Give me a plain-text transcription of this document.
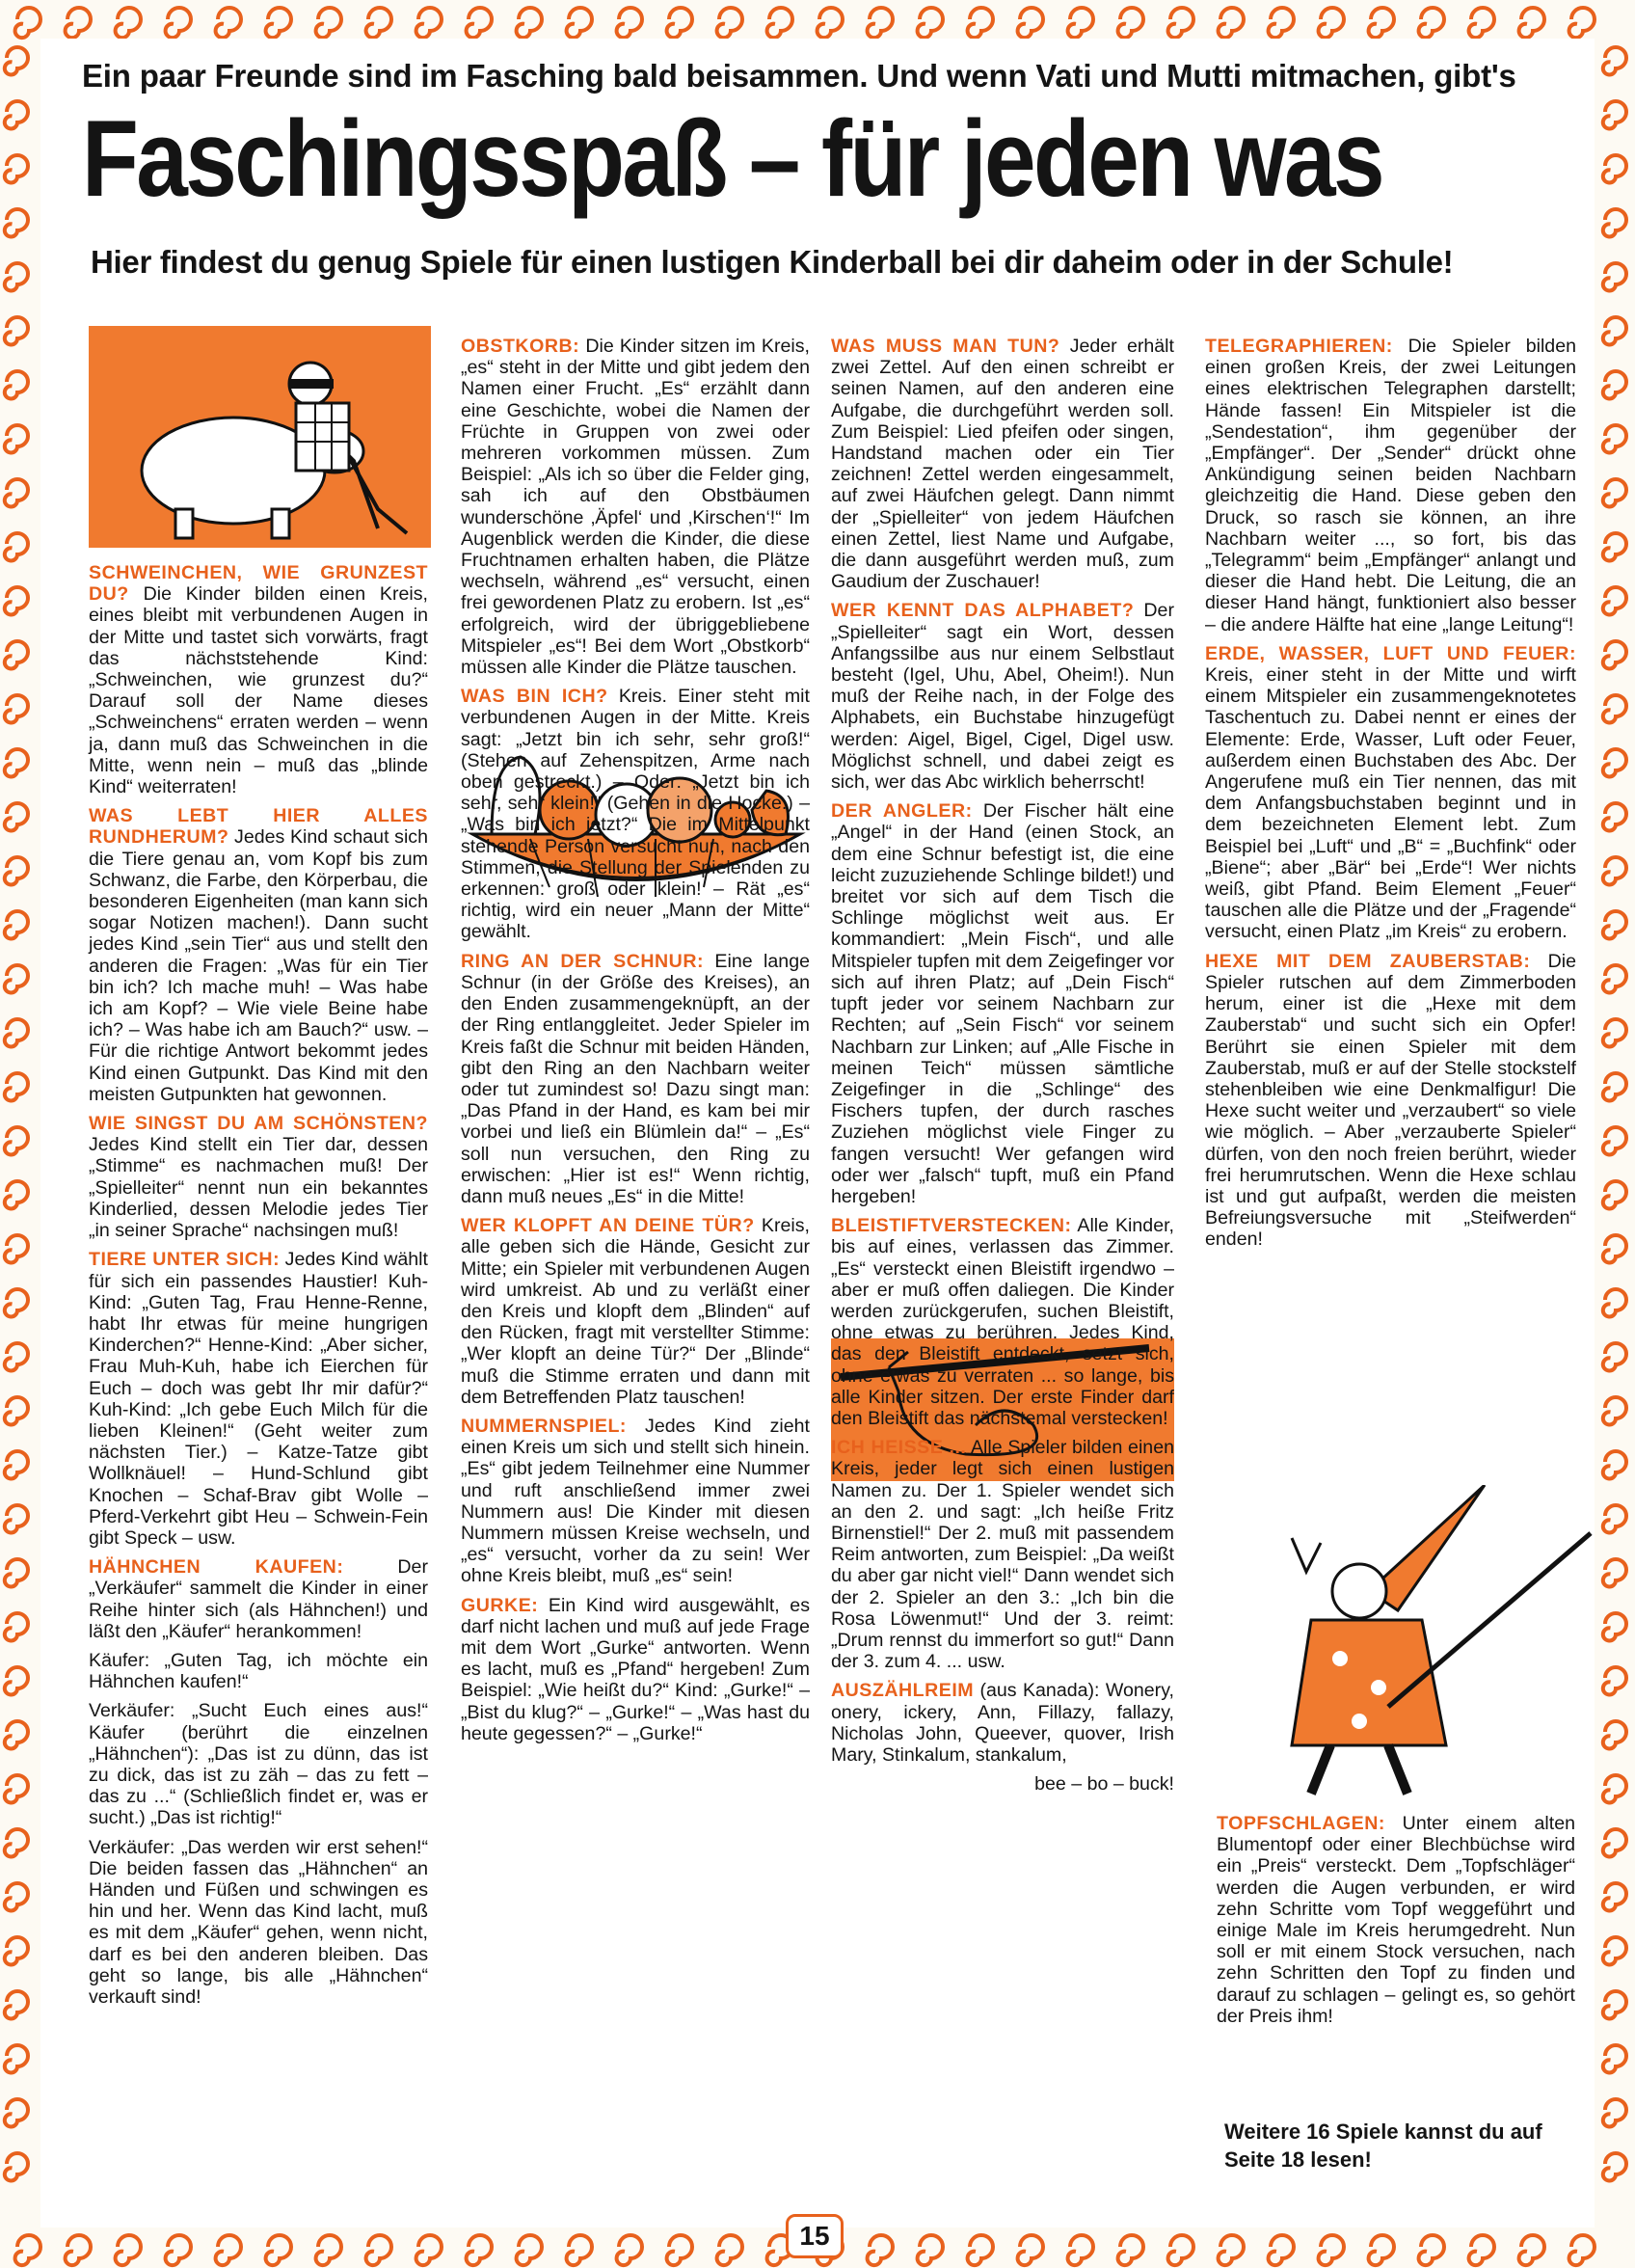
Ein paar Freunde sind im Fasching bald beisammen. Und wenn Vati und Mutti mitmachen, gibt's
Faschingsspaß – für jeden was
Hier findest du genug Spiele für einen lustigen Kinderball bei dir daheim oder in der Schule!

SCHWEINCHEN, WIE GRUNZEST DU? Die Kinder bilden einen Kreis, eines bleibt mit verbundenen Augen in der Mitte und tastet sich vorwärts, fragt das nächststehende Kind: „Schweinchen, wie grunzest du?“ Darauf soll der Name dieses „Schweinchens“ erraten werden – wenn ja, dann muß das Schweinchen in die Mitte, wenn nein – muß das „blinde Kind“ weiterraten!

WAS LEBT HIER ALLES RUNDHERUM? Jedes Kind schaut sich die Tiere genau an, vom Kopf bis zum Schwanz, die Farbe, den Körperbau, die besonderen Eigenheiten (man kann sich sogar Notizen machen!). Dann sucht jedes Kind „sein Tier“ aus und stellt den anderen die Fragen: „Was für ein Tier bin ich? Ich mache muh! – Was habe ich am Kopf? – Wie viele Beine habe ich? – Was habe ich am Bauch?“ usw. – Für die richtige Antwort bekommt jedes Kind einen Gutpunkt. Das Kind mit den meisten Gutpunkten hat gewonnen.

WIE SINGST DU AM SCHÖNSTEN? Jedes Kind stellt ein Tier dar, dessen „Stimme“ es nachmachen muß! Der „Spielleiter“ nennt nun ein bekanntes Kinderlied, dessen Melodie jedes Tier „in seiner Sprache“ nachsingen muß!

TIERE UNTER SICH: Jedes Kind wählt für sich ein passendes Haustier! Kuh-Kind: „Guten Tag, Frau Henne-Renne, habt Ihr etwas für meine hungrigen Kinderchen?“ Henne-Kind: „Aber sicher, Frau Muh-Kuh, habe ich Eierchen für Euch – doch was gebt Ihr mir dafür?“ Kuh-Kind: „Ich gebe Euch Milch für die lieben Kleinen!“ (Geht weiter zum nächsten Tier.) – Katze-Tatze gibt Wollknäuel! – Hund-Schlund gibt Knochen – Schaf-Brav gibt Wolle – Pferd-Verkehrt gibt Heu – Schwein-Fein gibt Speck – usw.

HÄHNCHEN KAUFEN:	Der „Verkäufer“ sammelt die Kinder in einer Reihe hinter sich (als Hähnchen!) und läßt den „Käufer“ herankommen!

Käufer: „Guten Tag, ich möchte ein Hähnchen kaufen!“

Verkäufer: „Sucht Euch eines aus!“ Käufer (berührt die einzelnen „Hähnchen“): „Das ist zu dünn, das ist zu dick, das ist zu zäh – das zu fett – das zu ...“ (Schließlich findet er, was er sucht.) „Das ist richtig!“

Verkäufer: „Das werden wir erst sehen!“ Die beiden fassen das „Hähnchen“ an Händen und Füßen und schwingen es hin und her. Wenn das Kind lacht, muß es mit dem „Käufer“ gehen, wenn nicht, darf es bei den anderen bleiben. Das geht so lange, bis alle „Hähnchen“ verkauft sind!

OBSTKORB: Die Kinder sitzen im Kreis, „es“ steht in der Mitte und gibt jedem den Namen einer Frucht. „Es“ erzählt dann eine Geschichte, wobei die Namen der Früchte in Gruppen von zwei oder mehreren vorkommen müssen. Zum Beispiel: „Als ich so über die Felder ging, sah ich auf den Obstbäumen wunderschöne ‚Äpfel‘ und ‚Kirschen‘!“ Im Augenblick werden die Kinder, die diese Fruchtnamen erhalten haben, die Plätze wechseln, während „es“ versucht, einen frei gewordenen Platz zu erobern. Ist „es“ erfolgreich, wird der übriggebliebene Mitspieler „es“! Bei dem Wort „Obstkorb“ müssen alle Kinder die Plätze tauschen.

WAS BIN ICH? Kreis. Einer steht mit verbundenen Augen in der Mitte. Kreis sagt: „Jetzt bin ich sehr, sehr groß!“ (Stehen auf Zehenspitzen, Arme nach oben gestreckt.) – Oder: „Jetzt bin ich sehr, sehr klein!“ (Gehen in die Hocke.) – „Was bin ich jetzt?“ Die im Mittelpunkt stehende Person versucht nun, nach den Stimmen, die Stellung der Spielenden zu erkennen: groß oder klein! – Rät „es“ richtig, wird ein neuer „Mann der Mitte“ gewählt.

RING AN DER SCHNUR: Eine lange Schnur (in der Größe des Kreises), an den Enden zusammengeknüpft, an der der Ring entlanggleitet. Jeder Spieler im Kreis faßt die Schnur mit beiden Händen, gibt den Ring an den Nachbarn weiter oder tut zumindest so! Dazu singt man: „Das Pfand in der Hand, es kam bei mir vorbei und ließ ein Blümlein da!“ – „Es“ soll nun versuchen, den Ring zu erwischen: „Hier ist es!“ Wenn richtig, dann muß neues „Es“ in die Mitte!

WER KLOPFT AN DEINE TÜR? Kreis, alle geben sich die Hände, Gesicht zur Mitte; ein Spieler mit verbundenen Augen wird umkreist. Ab und zu verläßt einer den Kreis und klopft dem „Blinden“ auf den Rücken, fragt mit verstellter Stimme: „Wer klopft an deine Tür?“ Der „Blinde“ muß die Stimme erraten und dann mit dem Betreffenden Platz tauschen!

NUMMERNSPIEL: Jedes Kind zieht einen Kreis um sich und stellt sich hinein. „Es“ gibt jedem Teilnehmer eine Nummer und ruft anschließend immer zwei Nummern aus! Die Kinder mit diesen Nummern müssen Kreise wechseln, und „es“ versucht, vorher da zu sein! Wer ohne Kreis bleibt, muß „es“ sein!

GURKE: Ein Kind wird ausgewählt, es darf nicht lachen und muß auf jede Frage mit dem Wort „Gurke“ antworten. Wenn es lacht, muß es „Pfand“ hergeben! Zum Beispiel: „Wie heißt du?“ Kind: „Gurke!“ – „Bist du klug?“ – „Gurke!“ – „Was hast du heute gegessen?“ – „Gurke!“

WAS MUSS MAN TUN? Jeder erhält zwei Zettel. Auf den einen schreibt er seinen Namen, auf den anderen eine Aufgabe, die durchgeführt werden soll. Zum Beispiel: Lied pfeifen oder singen, Handstand machen oder ein Tier zeichnen! Zettel werden eingesammelt, auf zwei Häufchen gelegt. Dann nimmt der „Spielleiter“ von jedem Häufchen einen Zettel, liest Name und Aufgabe, die dann ausgeführt werden muß, zum Gaudium der Zuschauer!

WER KENNT DAS ALPHABET? Der „Spielleiter“ sagt ein Wort, dessen Anfangssilbe aus nur einem Selbstlaut besteht (Igel, Uhu, Abel, Oheim!). Nun muß der Reihe nach, in der Folge des Alphabets, ein Buchstabe hinzugefügt werden: Aigel, Bigel, Cigel, Digel usw. Möglichst schnell, und dabei zeigt es sich, wer das Abc wirklich beherrscht!

DER ANGLER: Der Fischer hält eine „Angel“ in der Hand (einen Stock, an dem eine Schnur befestigt ist, die eine leicht zuzuziehende Schlinge bildet!) und breitet vor sich auf dem Tisch die Schlinge möglichst weit aus. Er kommandiert: „Mein Fisch“, und alle Mitspieler tupfen mit dem Zeigefinger vor sich auf ihren Platz; auf „Dein Fisch“ tupft jeder vor seinem Nachbarn zur Rechten; auf „Sein Fisch“ vor seinem Nachbarn zur Linken; auf „Alle Fische in meinen Teich“ müssen sämtliche Zeigefinger in die „Schlinge“ des Fischers tupfen, der durch rasches Zuziehen möglichst viele Finger zu fangen versucht! Wer gefangen wird oder wer „falsch“ tupft, muß ein Pfand hergeben!

BLEISTIFTVERSTECKEN: Alle Kinder, bis auf eines, verlassen das Zimmer. „Es“ versteckt einen Bleistift irgendwo – aber er muß offen daliegen. Die Kinder werden zurückgerufen, suchen Bleistift, ohne etwas zu berühren. Jedes Kind, das den Bleistift entdeckt, setzt sich, ohne etwas zu verraten ... so lange, bis alle Kinder sitzen. Der erste Finder darf den Bleistift das nächstemal verstecken!

ICH HEISSE ... Alle Spieler bilden einen Kreis, jeder legt sich einen lustigen Namen zu. Der 1. Spieler wendet sich an den 2. und sagt: „Ich heiße Fritz Birnenstiel!“ Der 2. muß mit passendem Reim antworten, zum Beispiel: „Da weißt du aber gar nicht viel!“ Dann wendet sich der 2. Spieler an den 3.: „Ich bin die Rosa Löwenmut!“ Und der 3. reimt: „Drum rennst du immerfort so gut!“ Dann der 3. zum 4. ... usw.

AUSZÄHLREIM (aus Kanada): Wonery, onery, ickery, Ann, Fillazy, fallazy, Nicholas John, Queever, quover, Irish Mary, Stinkalum, stankalum,

bee – bo – buck!

TELEGRAPHIEREN: Die Spieler bilden einen großen Kreis, der zwei Leitungen eines elektrischen Telegraphen darstellt; Hände fassen! Ein Mitspieler ist die „Sendestation“, ihm gegenüber der „Empfänger“. Der „Sender“ drückt ohne Ankündigung seinen beiden Nachbarn gleichzeitig die Hand. Diese geben den Druck, so rasch sie können, an ihre Nachbarn weiter ..., so fort, bis das „Telegramm“ beim „Empfänger“ anlangt und dieser die Hand hebt. Die Leitung, die an dieser Hand hängt, funktioniert also besser – die andere Hälfte hat eine „lange Leitung“!

ERDE, WASSER, LUFT UND FEUER: Kreis, einer steht in der Mitte und wirft einem Mitspieler ein zusammengeknotetes Taschentuch zu. Dabei nennt er eines der Elemente: Erde, Wasser, Luft oder Feuer, außerdem einen Buchstaben des Abc. Der Angerufene muß ein Tier nennen, das mit dem Anfangsbuchstaben beginnt und in dem bezeichneten Element lebt. Zum Beispiel bei „Luft“ und „B“ = „Buchfink“ oder „Biene“; aber „Bär“ bei „Erde“! Wer nichts weiß, gibt Pfand. Beim Element „Feuer“ tauschen alle die Plätze und der „Fragende“ versucht, einen Platz „im Kreis“ zu erobern.

HEXE MIT DEM ZAUBERSTAB: Die Spieler rutschen auf dem Zimmerboden herum, einer ist die „Hexe mit dem Zauberstab“ und sucht sich ein Opfer! Berührt sie einen Spieler mit dem Zauberstab, muß er auf der Stelle stockstelf stehenbleiben wie eine Denkmalfigur! Die Hexe sucht weiter und „verzaubert“ so viele wie möglich. – Aber „verzauberte Spieler“ dürfen, von den noch freien berührt, wieder frei herumrutschen. Wenn die Hexe schlau ist und gut aufpaßt, werden die meisten Befreiungsversuche mit „Steifwerden“ enden!

TOPFSCHLAGEN: Unter einem alten Blumentopf oder einer Blechbüchse wird ein „Preis“ versteckt. Dem „Topfschläger“ werden die Augen verbunden, er wird zehn Schritte vom Topf weggeführt und einige Male im Kreis herumgedreht. Nun soll er mit einem Stock versuchen, nach zehn Schritten den Topf zu finden und darauf zu schlagen – gelingt es, so gehört der Preis ihm!

Weitere 16 Spiele kannst du auf Seite 18 lesen!
15
